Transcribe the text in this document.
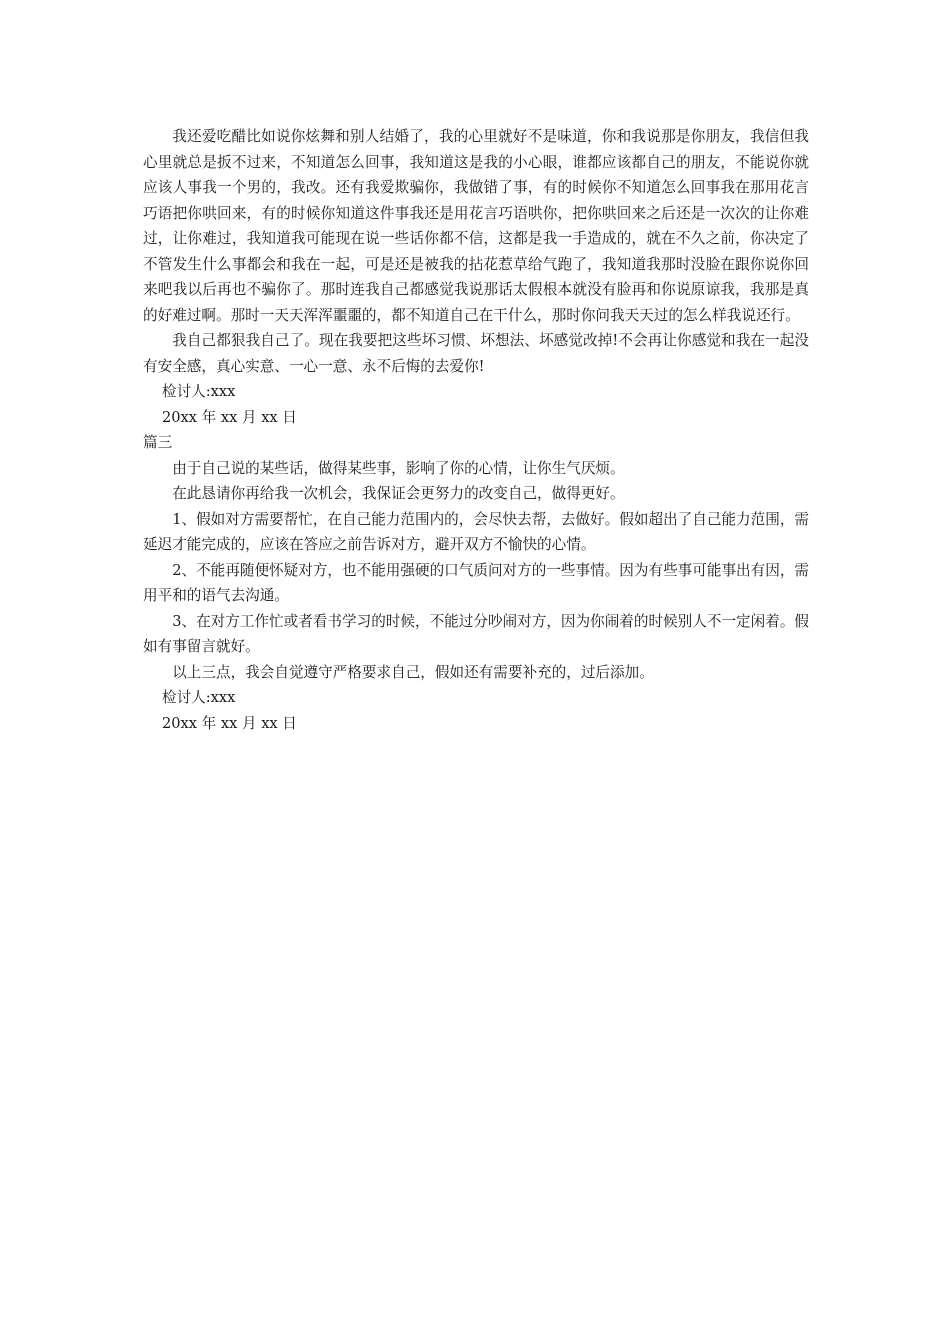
我还爱吃醋比如说你炫舞和别人结婚了，我的心里就好不是味道，你和我说那是你朋友，我信但我心里就总是扳不过来，不知道怎么回事，我知道这是我的小心眼，谁都应该都自己的朋友，不能说你就应该人事我一个男的，我改。还有我爱欺骗你，我做错了事，有的时候你不知道怎么回事我在那用花言巧语把你哄回来，有的时候你知道这件事我还是用花言巧语哄你，把你哄回来之后还是一次次的让你难过，让你难过，我知道我可能现在说一些话你都不信，这都是我一手造成的，就在不久之前，你决定了不管发生什么事都会和我在一起，可是还是被我的拈花惹草给气跑了，我知道我那时没脸在跟你说你回来吧我以后再也不骗你了。那时连我自己都感觉我说那话太假根本就没有脸再和你说原谅我，我那是真的好难过啊。那时一天天浑浑噩噩的，都不知道自己在干什么，那时你问我天天过的怎么样我说还行。

我自己都狠我自己了。现在我要把这些坏习惯、坏想法、坏感觉改掉!不会再让你感觉和我在一起没有安全感，真心实意、一心一意、永不后悔的去爱你!

检讨人:xxx

20xx 年 xx 月 xx 日

篇三

由于自己说的某些话，做得某些事，影响了你的心情，让你生气厌烦。

在此恳请你再给我一次机会，我保证会更努力的改变自己，做得更好。

1、假如对方需要帮忙，在自己能力范围内的，会尽快去帮，去做好。假如超出了自己能力范围，需延迟才能完成的，应该在答应之前告诉对方，避开双方不愉快的心情。

2、不能再随便怀疑对方，也不能用强硬的口气质问对方的一些事情。因为有些事可能事出有因，需用平和的语气去沟通。

3、在对方工作忙或者看书学习的时候，不能过分吵闹对方，因为你闹着的时候别人不一定闲着。假如有事留言就好。

以上三点，我会自觉遵守严格要求自己，假如还有需要补充的，过后添加。

检讨人:xxx

20xx 年 xx 月 xx 日
